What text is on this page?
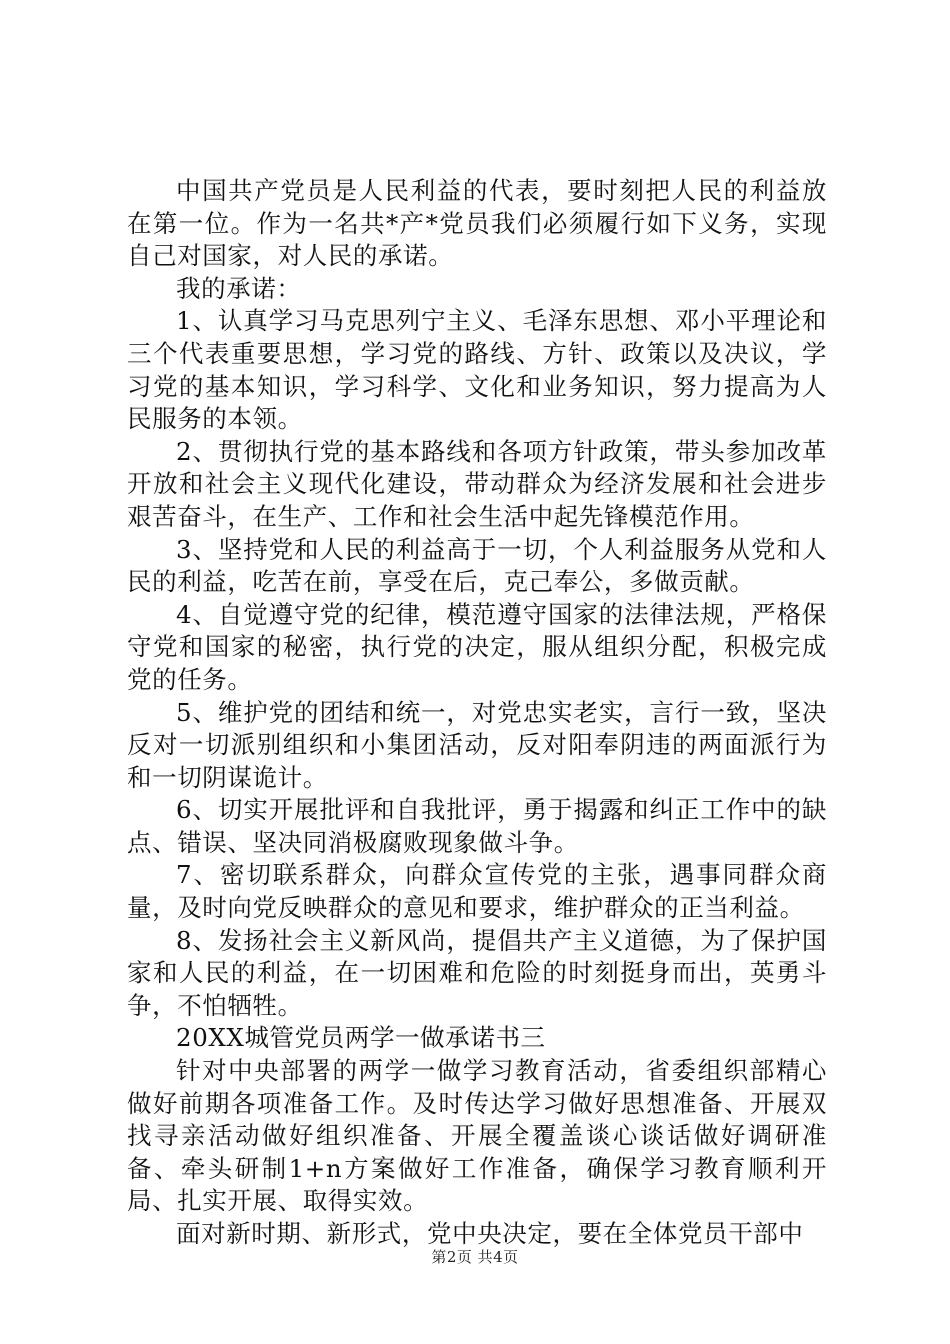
中国共产党员是人民利益的代表，要时刻把人民的利益放在第一位。作为一名共*产*党员我们必须履行如下义务，实现自己对国家，对人民的承诺。

我的承诺：

1、认真学习马克思列宁主义、毛泽东思想、邓小平理论和三个代表重要思想，学习党的路线、方针、政策以及决议，学习党的基本知识，学习科学、文化和业务知识，努力提高为人民服务的本领。

2、贯彻执行党的基本路线和各项方针政策，带头参加改革开放和社会主义现代化建设，带动群众为经济发展和社会进步艰苦奋斗，在生产、工作和社会生活中起先锋模范作用。

3、坚持党和人民的利益高于一切，个人利益服务从党和人民的利益，吃苦在前，享受在后，克己奉公，多做贡献。

4、自觉遵守党的纪律，模范遵守国家的法律法规，严格保守党和国家的秘密，执行党的决定，服从组织分配，积极完成党的任务。

5、维护党的团结和统一，对党忠实老实，言行一致，坚决反对一切派别组织和小集团活动，反对阳奉阴违的两面派行为和一切阴谋诡计。

6、切实开展批评和自我批评，勇于揭露和纠正工作中的缺点、错误、坚决同消极腐败现象做斗争。

7、密切联系群众，向群众宣传党的主张，遇事同群众商量，及时向党反映群众的意见和要求，维护群众的正当利益。

8、发扬社会主义新风尚，提倡共产主义道德，为了保护国家和人民的利益，在一切困难和危险的时刻挺身而出，英勇斗争，不怕牺牲。

20XX城管党员两学一做承诺书三

针对中央部署的两学一做学习教育活动，省委组织部精心做好前期各项准备工作。及时传达学习做好思想准备、开展双找寻亲活动做好组织准备、开展全覆盖谈心谈话做好调研准备、牵头研制1+n方案做好工作准备，确保学习教育顺利开局、扎实开展、取得实效。

面对新时期、新形式，党中央决定，要在全体党员干部中

第2页 共4页
